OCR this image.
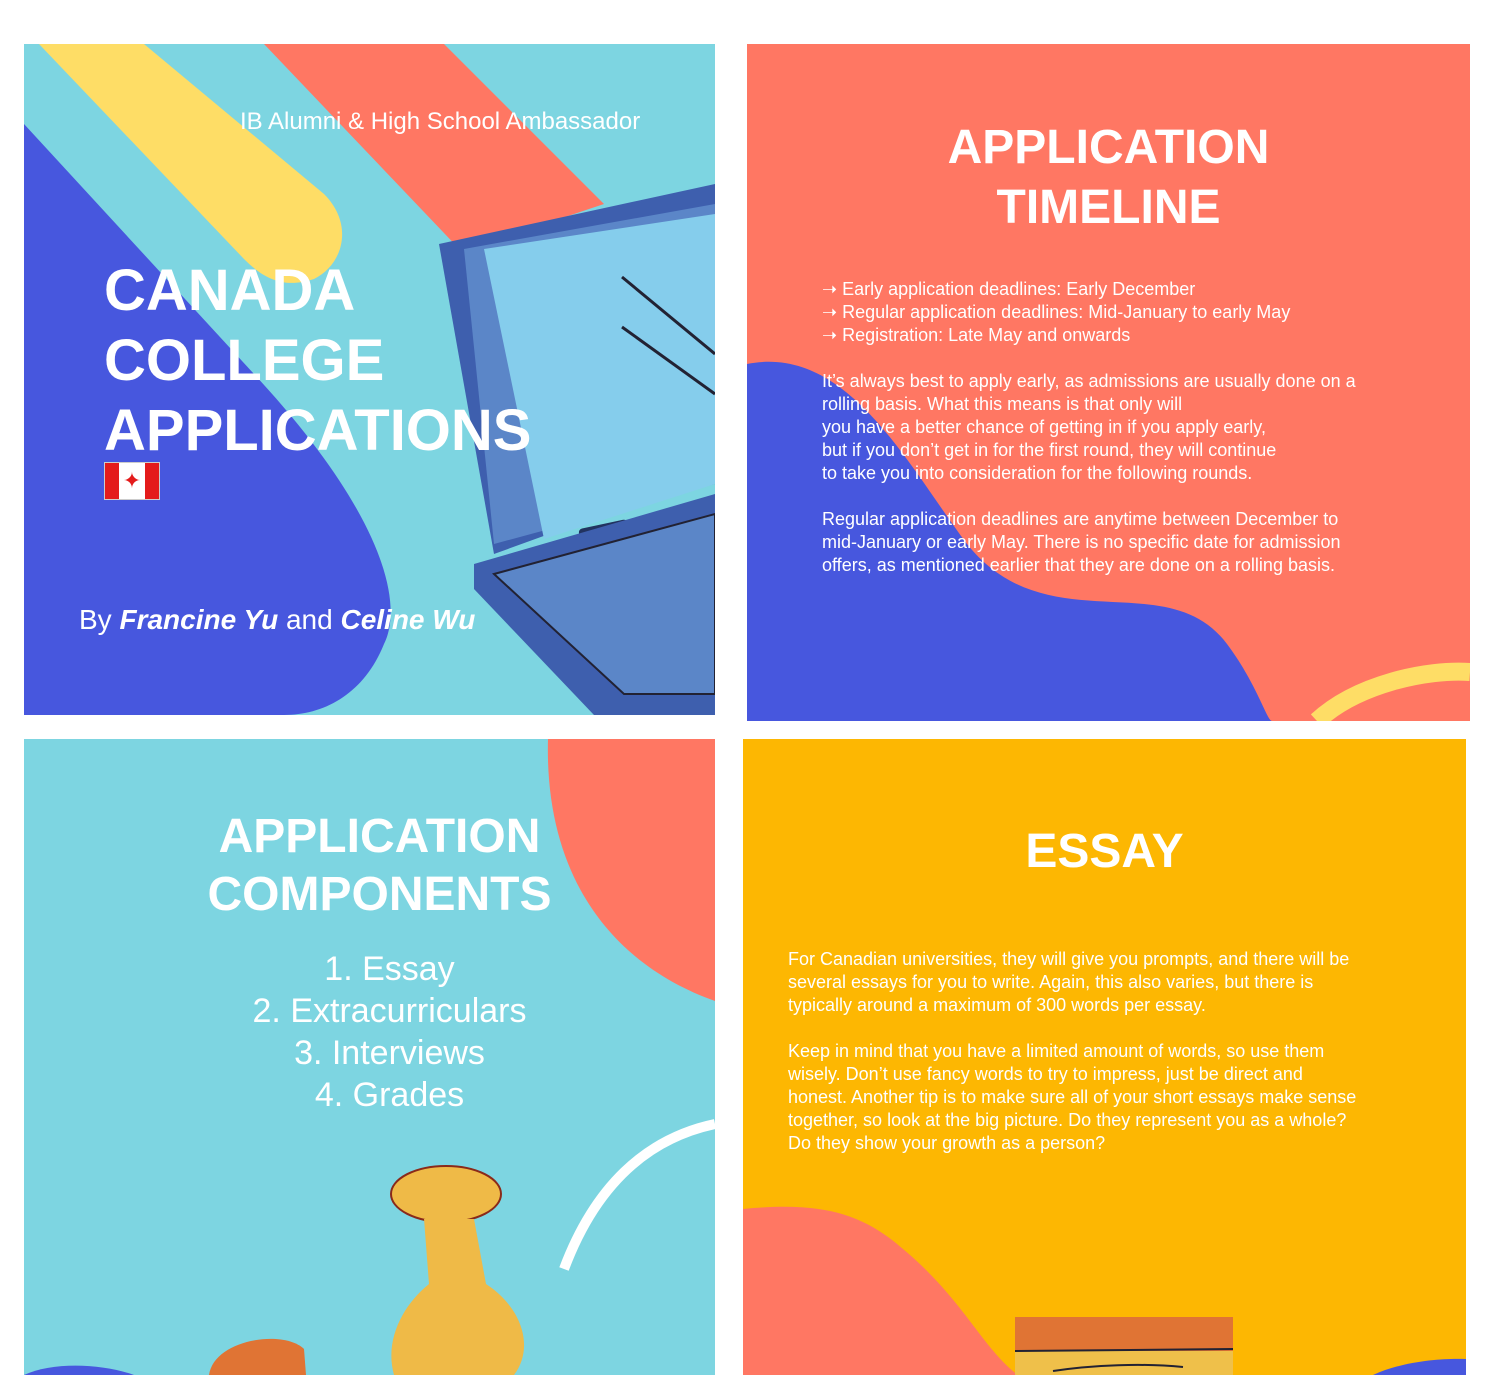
IB Alumni & High School Ambassador
CANADA
COLLEGE
APPLICATIONS
✦
By Francine Yu and Celine Wu
APPLICATION
TIMELINE
➝ Early application deadlines: Early December
➝ Regular application deadlines: Mid-January to early May
➝ Registration: Late May and onwards
It’s always best to apply early, as admissions are usually done on a
rolling basis. What this means is that only will
you have a better chance of getting in if you apply early,
but if you don’t get in for the first round, they will continue
to take you into consideration for the following rounds.
Regular application deadlines are anytime between December to
mid-January or early May. There is no specific date for admission
offers, as mentioned earlier that they are done on a rolling basis.
APPLICATION
COMPONENTS
1. Essay
2. Extracurriculars
3. Interviews
4. Grades
ESSAY
For Canadian universities, they will give you prompts, and there will be
several essays for you to write. Again, this also varies, but there is
typically around a maximum of 300 words per essay.
Keep in mind that you have a limited amount of words, so use them
wisely. Don’t use fancy words to try to impress, just be direct and
honest. Another tip is to make sure all of your short essays make sense
together, so look at the big picture. Do they represent you as a whole?
Do they show your growth as a person?
